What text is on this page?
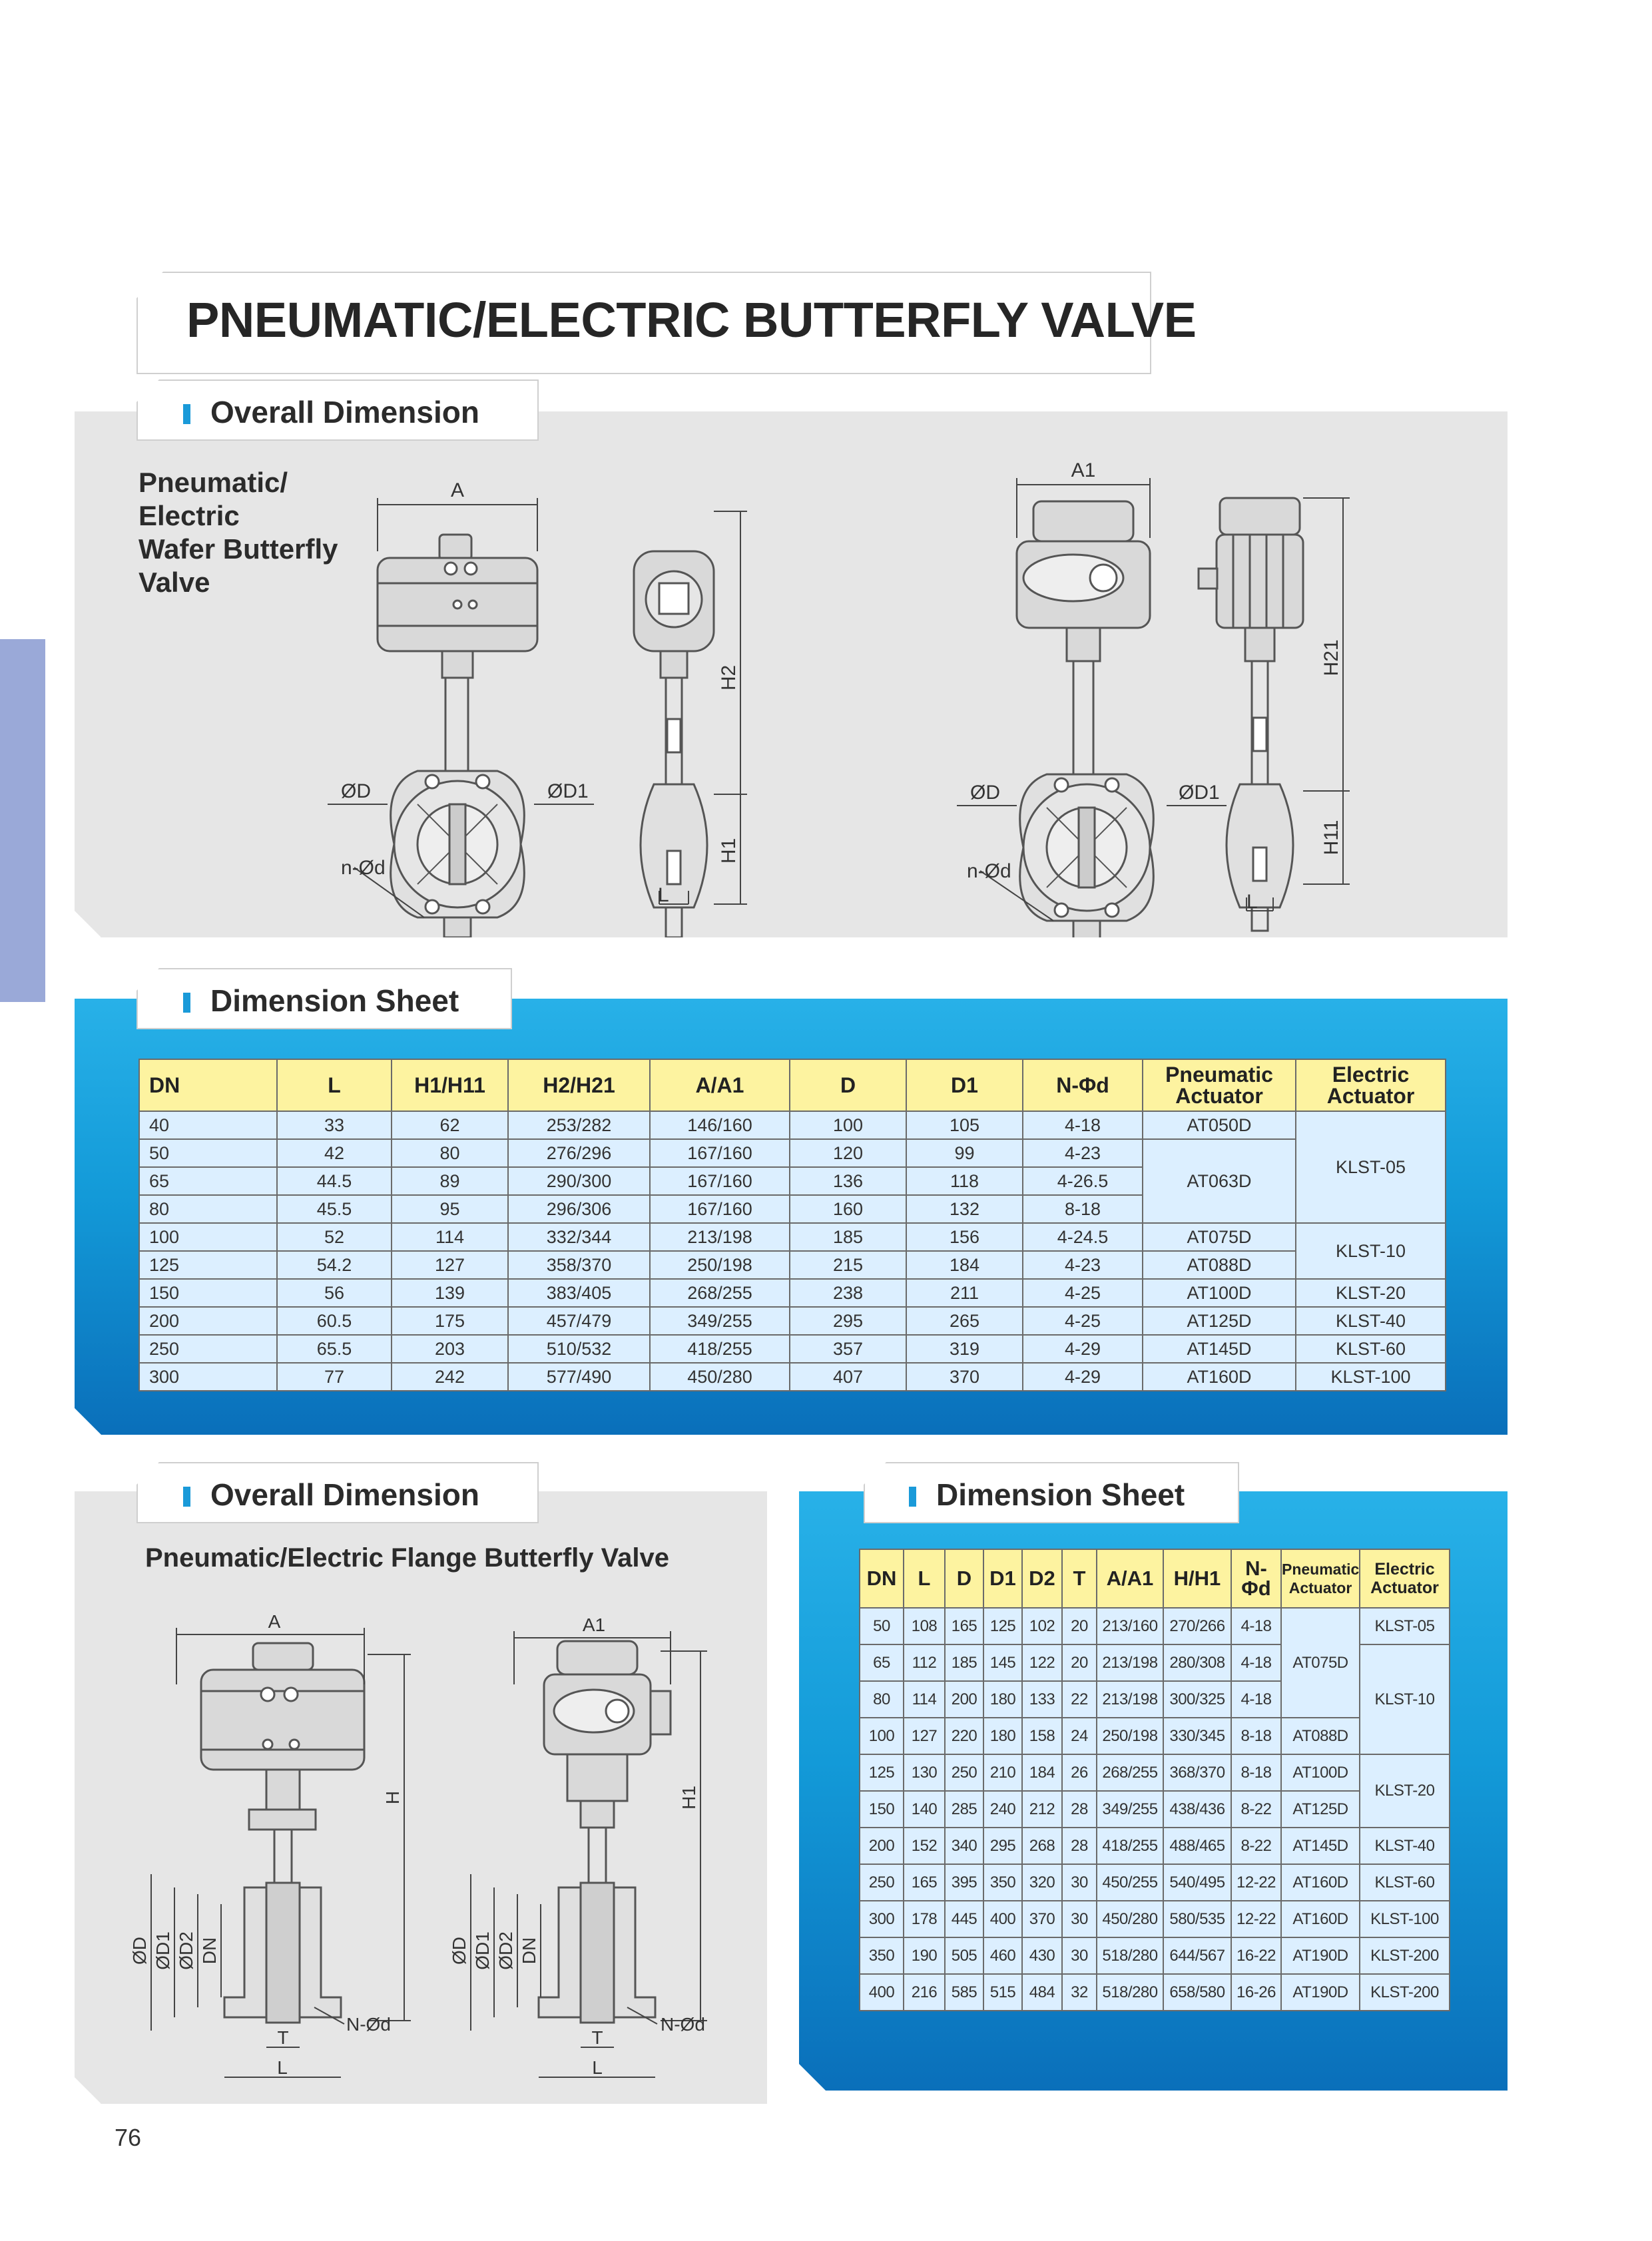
PNEUMATIC/ELECTRIC BUTTERFLY VALVE
Overall Dimension
Pneumatic/
Electric
Wafer Butterfly
Valve
A
A1
ØD	ØD1
n-Ød
ØD	ØD1
n-Ød
L	L
H2
H1
H21
H11
Dimension Sheet
DN	L	H1/H11	H2/H21	A/A1	D	D1	N-Φd	Pneumatic Actuator	Electric Actuator
40	33	62	253/282	146/160	100	105	4-18	AT050D	KLST-05
50	42	80	276/296	167/160	120	99	4-23	AT063D	
65	44.5	89	290/300	167/160	136	118	4-26.5		
80	45.5	95	296/306	167/160	160	132	8-18		
100	52	114	332/344	213/198	185	156	4-24.5	AT075D	KLST-10
125	54.2	127	358/370	250/198	215	184	4-23	AT088D	
150	56	139	383/405	268/255	238	211	4-25	AT100D	KLST-20
200	60.5	175	457/479	349/255	295	265	4-25	AT125D	KLST-40
250	65.5	203	510/532	418/255	357	319	4-29	AT145D	KLST-60
300	77	242	577/490	450/280	407	370	4-29	AT160D	KLST-100
Overall Dimension
Pneumatic/Electric Flange Butterfly Valve
A	A1
H	H1
ØD ØD1 ØD2 DN	ØD ØD1 ØD2 DN
N-Ød	N-Ød
T	T
L	L
Dimension Sheet
DN	L	D	D1	D2	T	A/A1	H/H1	N-Φd	Pneumatic Actuator	Electric Actuator
50	108	165	125	102	20	213/160	270/266	4-18	AT075D	KLST-05
65	112	185	145	122	20	213/198	280/308	4-18		KLST-10
80	114	200	180	133	22	213/198	300/325	4-18		
100	127	220	180	158	24	250/198	330/345	8-18	AT088D	
125	130	250	210	184	26	268/255	368/370	8-18	AT100D	KLST-20
150	140	285	240	212	28	349/255	438/436	8-22	AT125D	
200	152	340	295	268	28	418/255	488/465	8-22	AT145D	KLST-40
250	165	395	350	320	30	450/255	540/495	12-22	AT160D	KLST-60
300	178	445	400	370	30	450/280	580/535	12-22	AT160D	KLST-100
350	190	505	460	430	30	518/280	644/567	16-22	AT190D	KLST-200
400	216	585	515	484	32	518/280	658/580	16-26	AT190D	KLST-200
76
